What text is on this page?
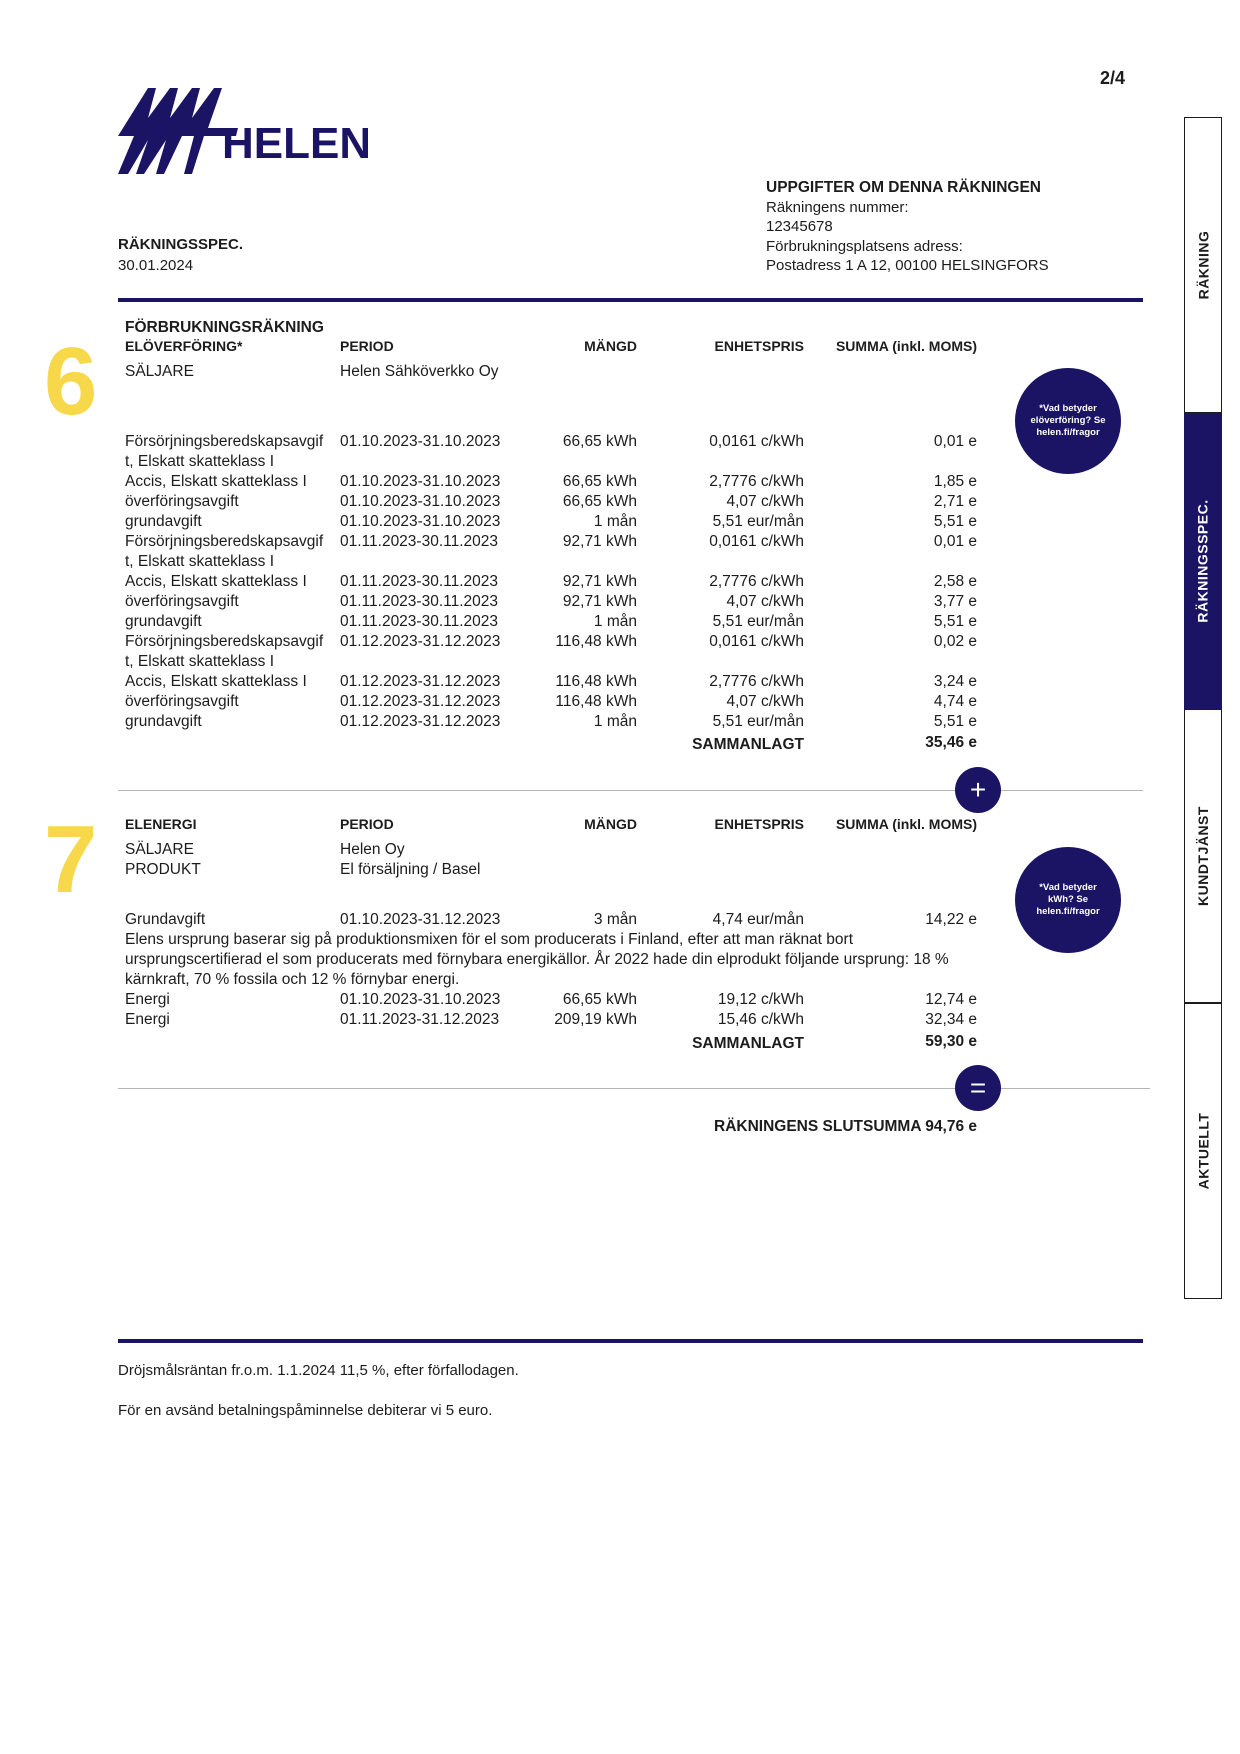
2/4
HELEN
RÄKNINGSSPEC.
30.01.2024
UPPGIFTER OM DENNA RÄKNINGEN
Räkningens nummer:
12345678
Förbrukningsplatsens adress:
Postadress 1 A 12, 00100 HELSINGFORS
6
FÖRBRUKNINGSRÄKNING
ELÖVERFÖRING*	PERIOD	MÄNGD	ENHETSPRIS	SUMMA (inkl. MOMS)
SÄLJARE	Helen Sähköverkko Oy
*Vad betyder elöverföring? Se helen.fi/fragor
Försörjningsberedskapsavgif
t, Elskatt skatteklass I
01.10.2023-31.10.2023	66,65 kWh	0,0161 c/kWh	0,01 e
Accis, Elskatt skatteklass I 01.10.2023-31.10.2023	66,65 kWh	2,7776 c/kWh	1,85 e
överföringsavgift	01.10.2023-31.10.2023	66,65 kWh	4,07 c/kWh	2,71 e
grundavgift	01.10.2023-31.10.2023	1 mån	5,51 eur/mån	5,51 e
Försörjningsberedskapsavgif
t, Elskatt skatteklass I
01.11.2023-30.11.2023	92,71 kWh	0,0161 c/kWh	0,01 e
Accis, Elskatt skatteklass I 01.11.2023-30.11.2023	92,71 kWh	2,7776 c/kWh	2,58 e
överföringsavgift	01.11.2023-30.11.2023	92,71 kWh	4,07 c/kWh	3,77 e
grundavgift	01.11.2023-30.11.2023	1 mån	5,51 eur/mån	5,51 e
Försörjningsberedskapsavgif
t, Elskatt skatteklass I
01.12.2023-31.12.2023	116,48 kWh	0,0161 c/kWh	0,02 e
Accis, Elskatt skatteklass I 01.12.2023-31.12.2023	116,48 kWh	2,7776 c/kWh	3,24 e
överföringsavgift	01.12.2023-31.12.2023	116,48 kWh	4,07 c/kWh	4,74 e
grundavgift	01.12.2023-31.12.2023	1 mån	5,51 eur/mån	5,51 e
SAMMANLAGT	35,46 e
+
7 ELENERGI	PERIOD	MÄNGD	ENHETSPRIS	SUMMA (inkl. MOMS)
SÄLJARE	Helen Oy
PRODUKT	El försäljning / Basel
*Vad betyder kWh? Se helen.fi/fragor
Grundavgift	01.10.2023-31.12.2023	3 mån	4,74 eur/mån	14,22 e
Elens ursprung baserar sig på produktionsmixen för el som producerats i Finland, efter att man räknat bort
ursprungscertifierad el som producerats med förnybara energikällor. År 2022 hade din elprodukt följande ursprung: 18 %
kärnkraft, 70 % fossila och 12 % förnybar energi.
Energi	01.10.2023-31.10.2023	66,65 kWh	19,12 c/kWh	12,74 e
Energi	01.11.2023-31.12.2023	209,19 kWh	15,46 c/kWh	32,34 e
SAMMANLAGT	59,30 e
=
RÄKNINGENS SLUTSUMMA 94,76 e
Dröjsmålsräntan fr.o.m. 1.1.2024 11,5 %, efter förfallodagen.
För en avsänd betalningspåminnelse debiterar vi 5 euro.
RÄKNING
RÄKNINGSSPEC.
KUNDTJÄNST
AKTUELLT
